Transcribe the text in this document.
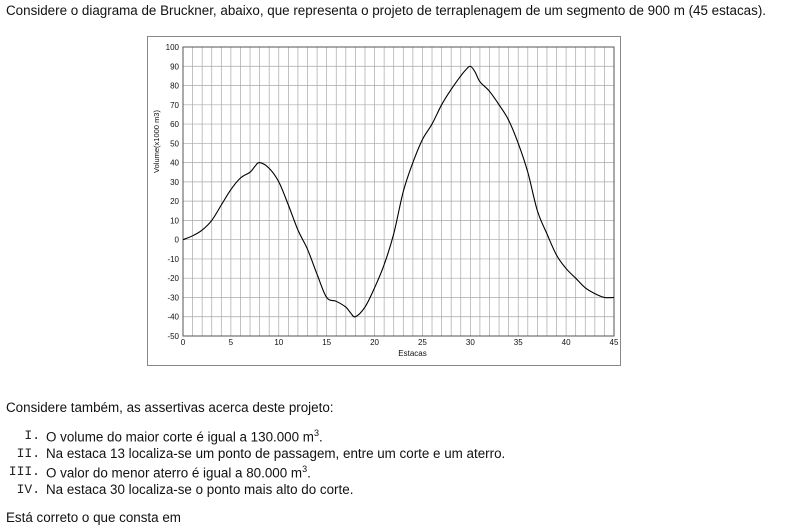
Considere o diagrama de Bruckner, abaixo, que representa o projeto de terraplenagem de um segmento de 900 m (45 estacas).
0	5	10	15	20	25	30	35	40	45
100
90
80
70
60
50
40
30
20
10
0
-10
-20
-30
-40
-50
Estacas
Volume(x1000 m3)
Considere também, as assertivas acerca deste projeto:
I. O volume do maior corte é igual a 130.000 $m^3$.
II. Na estaca 13 localiza-se um ponto de passagem, entre um corte e um aterro.
III. O valor do menor aterro é igual a 80.000 $m^3$.
IV. Na estaca 30 localiza-se o ponto mais alto do corte.
Está correto o que consta em
